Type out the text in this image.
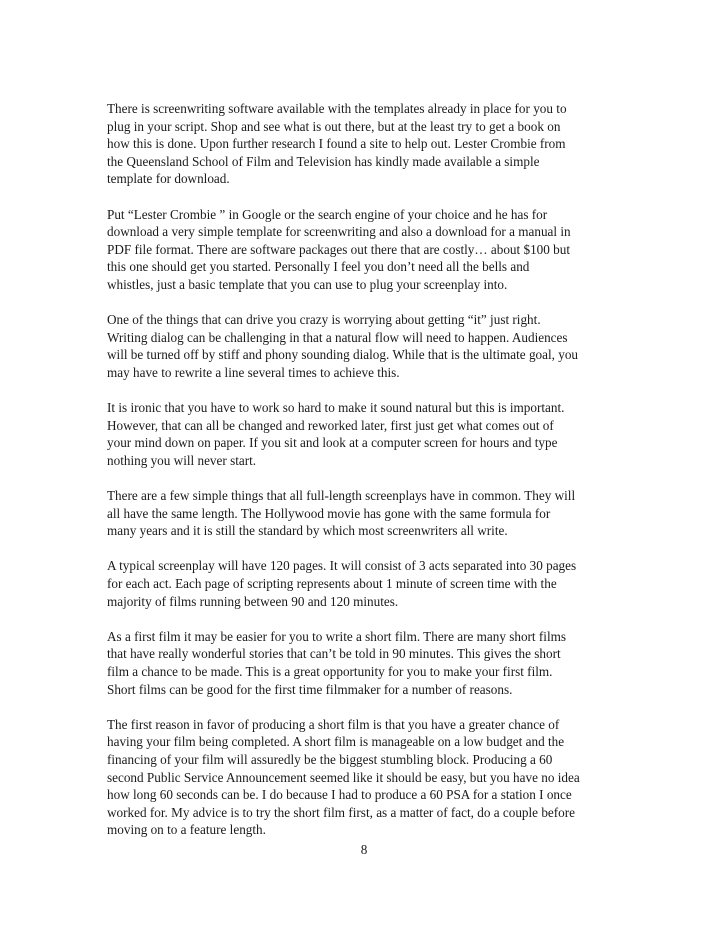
There is screenwriting software available with the templates already in place for you to
plug in your script. Shop and see what is out there, but at the least try to get a book on
how this is done. Upon further research I found a site to help out. Lester Crombie from
the Queensland School of Film and Television has kindly made available a simple
template for download.

Put “Lester Crombie ” in Google or the search engine of your choice and he has for
download a very simple template for screenwriting and also a download for a manual in
PDF file format. There are software packages out there that are costly… about $100 but
this one should get you started. Personally I feel you don’t need all the bells and
whistles, just a basic template that you can use to plug your screenplay into.

One of the things that can drive you crazy is worrying about getting “it” just right.
Writing dialog can be challenging in that a natural flow will need to happen. Audiences
will be turned off by stiff and phony sounding dialog. While that is the ultimate goal, you
may have to rewrite a line several times to achieve this.

It is ironic that you have to work so hard to make it sound natural but this is important.
However, that can all be changed and reworked later, first just get what comes out of
your mind down on paper. If you sit and look at a computer screen for hours and type
nothing you will never start.

There are a few simple things that all full-length screenplays have in common. They will
all have the same length. The Hollywood movie has gone with the same formula for
many years and it is still the standard by which most screenwriters all write.

A typical screenplay will have 120 pages. It will consist of 3 acts separated into 30 pages
for each act. Each page of scripting represents about 1 minute of screen time with the
majority of films running between 90 and 120 minutes.

As a first film it may be easier for you to write a short film. There are many short films
that have really wonderful stories that can’t be told in 90 minutes. This gives the short
film a chance to be made. This is a great opportunity for you to make your first film.
Short films can be good for the first time filmmaker for a number of reasons.

The first reason in favor of producing a short film is that you have a greater chance of
having your film being completed. A short film is manageable on a low budget and the
financing of your film will assuredly be the biggest stumbling block. Producing a 60
second Public Service Announcement seemed like it should be easy, but you have no idea
how long 60 seconds can be. I do because I had to produce a 60 PSA for a station I once
worked for. My advice is to try the short film first, as a matter of fact, do a couple before
moving on to a feature length.

8
